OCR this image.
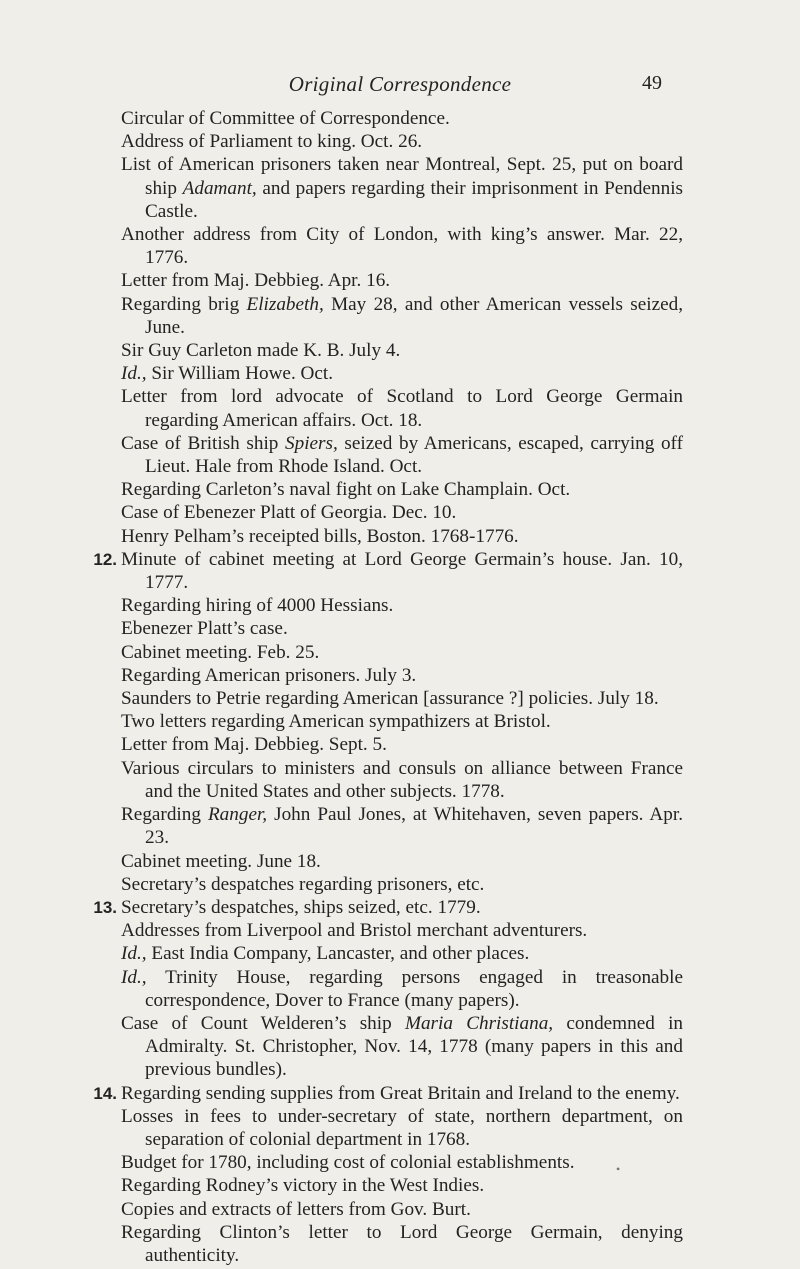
Original Correspondence	49
Circular of Committee of Correspondence.
Address of Parliament to king. Oct. 26.
List of American prisoners taken near Montreal, Sept. 25, put on board ship Adamant, and papers regarding their imprisonment in Pendennis Castle.
Another address from City of London, with king’s answer. Mar. 22, 1776.
Letter from Maj. Debbieg. Apr. 16.
Regarding brig Elizabeth, May 28, and other American vessels seized, June.
Sir Guy Carleton made K. B. July 4.
Id., Sir William Howe. Oct.
Letter from lord advocate of Scotland to Lord George Germain regarding American affairs. Oct. 18.
Case of British ship Spiers, seized by Americans, escaped, carrying off Lieut. Hale from Rhode Island. Oct.
Regarding Carleton’s naval fight on Lake Champlain. Oct.
Case of Ebenezer Platt of Georgia. Dec. 10.
Henry Pelham’s receipted bills, Boston. 1768-1776.
12. Minute of cabinet meeting at Lord George Germain’s house. Jan. 10, 1777.
Regarding hiring of 4000 Hessians.
Ebenezer Platt’s case.
Cabinet meeting. Feb. 25.
Regarding American prisoners. July 3.
Saunders to Petrie regarding American [assurance ?] policies. July 18.
Two letters regarding American sympathizers at Bristol.
Letter from Maj. Debbieg. Sept. 5.
Various circulars to ministers and consuls on alliance between France and the United States and other subjects. 1778.
Regarding Ranger, John Paul Jones, at Whitehaven, seven papers. Apr. 23.
Cabinet meeting. June 18.
Secretary’s despatches regarding prisoners, etc.
13. Secretary’s despatches, ships seized, etc. 1779.
Addresses from Liverpool and Bristol merchant adventurers.
Id., East India Company, Lancaster, and other places.
Id., Trinity House, regarding persons engaged in treasonable correspondence, Dover to France (many papers).
Case of Count Welderen’s ship Maria Christiana, condemned in Admiralty. St. Christopher, Nov. 14, 1778 (many papers in this and previous bundles).
14. Regarding sending supplies from Great Britain and Ireland to the enemy.
Losses in fees to under-secretary of state, northern department, on separation of colonial department in 1768.
Budget for 1780, including cost of colonial establishments.
Regarding Rodney’s victory in the West Indies.
Copies and extracts of letters from Gov. Burt.
Regarding Clinton’s letter to Lord George Germain, denying authenticity.
•
